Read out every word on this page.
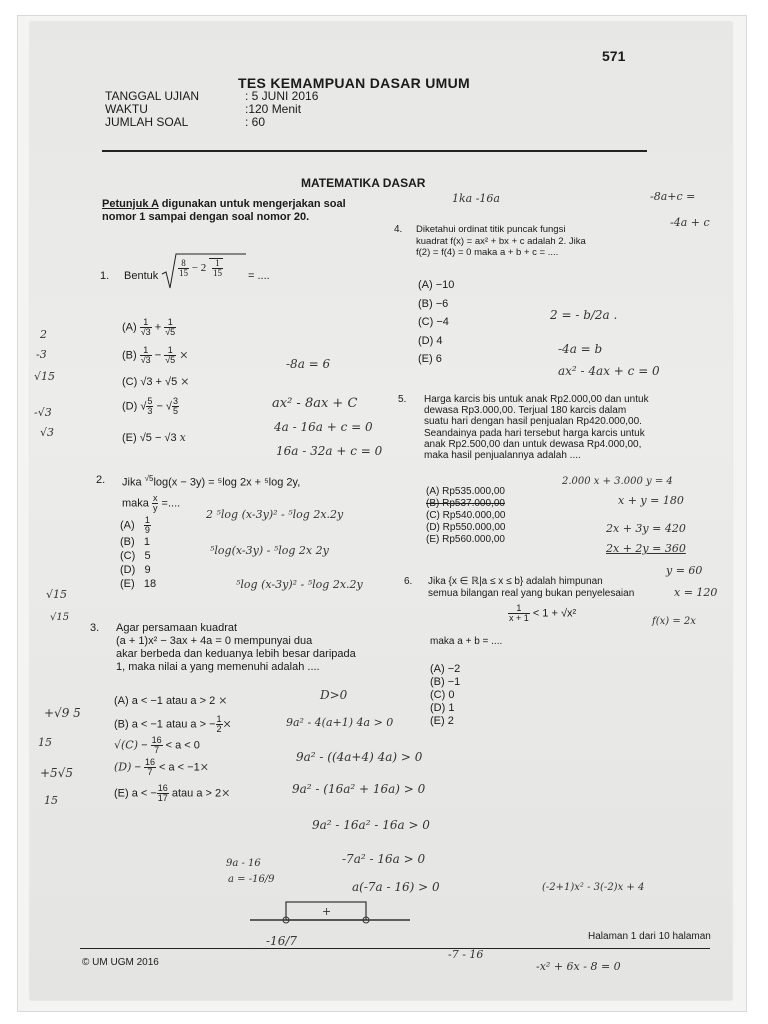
571
TES KEMAMPUAN DASAR UMUM
TANGGAL UJIAN	: 5 JUNI 2016
WAKTU	:120 Menit
JUMLAH SOAL	: 60
MATEMATIKA DASAR
Petunjuk A digunakan untuk mengerjakan soal
nomor 1 sampai dengan soal nomor 20.
1. Bentuk $\frac{8}{15} - 2 \frac{1}{15}$ = ....
$(A) \frac{1}{√3} + \frac{1}{√5}$
$(B) \frac{1}{√3} - \frac{1}{√5}$ ×
(C) √3 + √5 ×
(D) √ $\frac{5}{3}$ − √ $\frac{3}{5}$
(E) √5 − √3 x
2. Jika $^{√5}$log(x − 3y) = ⁵log 2x + ⁵log 2y,
maka $\frac{x}{y}$ =....
$(A) \frac{1}{9}$
(B) 1
(C) 5
(D) 9
(E) 18
3. Agar persamaan kuadrat
(a + 1)x² − 3ax + 4a = 0 mempunyai dua
akar berbeda dan keduanya lebih besar daripada
1, maka nilai a yang memenuhi adalah ....
(A) a < −1 atau a > 2 ×
(B) a < −1 atau a > − $\frac{1}{2}$ ×
$√(C) - \frac{16}{7} < a < 0$
$(D) - \frac{16}{7} < a < -1\times$
(E) a < − $\frac{16}{17}$ atau a > 2×
4. Diketahui ordinat titik puncak fungsi
kuadrat f(x) = ax² + bx + c adalah 2. Jika
f(2) = f(4) = 0 maka a + b + c = ....
(A) −10
(B) −6
(C) −4
(D) 4
(E) 6
5. Harga karcis bis untuk anak Rp2.000,00 dan untuk
dewasa Rp3.000,00. Terjual 180 karcis dalam
suatu hari dengan hasil penjualan Rp420.000,00.
Seandainya pada hari tersebut harga karcis untuk
anak Rp2.500,00 dan untuk dewasa Rp4.000,00,
maka hasil penjualannya adalah ....
(A) Rp535.000,00
(B) Rp537.000,00
(C) Rp540.000,00
(D) Rp550.000,00
(E) Rp560.000,00
6. Jika {x ∈ ℝ|a ≤ x ≤ b} adalah himpunan
semua bilangan real yang bukan penyelesaian
$\frac{1}{x + 1} < 1 + √x^2$
maka a + b = ....
(A) −2
(B) −1
(C) 0
(D) 1
(E) 2
© UM UGM 2016
Halaman 1 dari 10 halaman
1ka -16a	-8a+c =
-4a + c
2 = - b/2a .
-4a = b
ax² - 4ax + c = 0
-8a = 6
ax² - 8ax + C
4a - 16a + c = 0
16a - 32a + c = 0
2.000 x + 3.000 y = 4
x + y = 180
2x + 3y = 420
2x + 2y = 360
y = 60
x = 120
2 ⁵log (x-3y)² - ⁵log 2x.2y
⁵log(x-3y) - ⁵log 2x 2y
⁵log (x-3y)² - ⁵log 2x.2y
D>0
9a² - 4(a+1) 4a > 0
9a² - ((4a+4) 4a) > 0
9a² - (16a² + 16a) > 0
9a² - 16a² - 16a > 0
-7a² - 16a > 0
a(-7a - 16) > 0	(-2+1)x² - 3(-2)x + 4
f(x) = 2x
-x² + 6x - 8 = 0
-16/7
-7 - 16
9a - 16
a = -16/9
2
-3
√15
-√3
√3
√15
√15
+√9 5
15
+5√5
15
+
